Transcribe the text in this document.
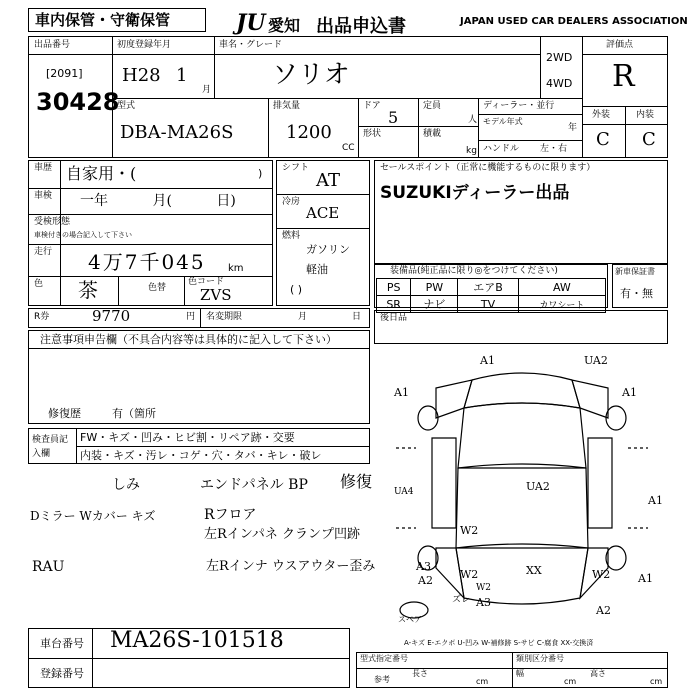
車内保管・守衛保管	JU 愛知 出品申込書	JAPAN USED CAR DEALERS ASSOCIATION
出品番号
[2091]
30428
初度登録年月
H28 1
月
車名・グレード
ソリオ
2WD
4WD
評価点
R
外装	内装
C C
型式
DBA-MA26S
排気量
1200
CC
ドア
5
形状
定員
人
積載
kg
ディーラー・並行
モデル年式
年
ハンドル 左・右
車歴 自家用・(	)
車検 一年 月( 日)
受検形態
車検付きの場合記入して下さい
走行 4万7千045 km
色 茶	色替
色コード
ZVS
R券	9770	円 名変期限	月	日
シフト
AT
冷房
ACE
燃料
ガソリン
軽油
( )
セールスポイント（正常に機能するものに限ります）
SUZUKIディーラー出品
装備品(純正品に限り◎をつけてください)
PS	PW	エアB	AW
SR	ナビ	TV	カワシート
新車保証書
有・無
後日品
注意事項申告欄（不具合内容等は具体的に記入して下さい）
修復歴	有（箇所
検査員記入欄
FW・キズ・凹み・ヒビ割・リペア跡・交要
内装・キズ・汚レ・コゲ・穴・タバ・キレ・破レ
しみ
Dミラー Wカバー キズ
RAU
エンドパネル BP 修復
Rフロア
左Rインパネ クランプ凹跡
左Rインナ ウスアウター歪み
A1	UA2
A1	A1
UA2
UA4
A1
W2
W2	XX	W2	A1
A3
A2
A2
A3
W2
ズレ
スペア
A-キズ E-エクボ U-凹み W-補修跡 S-サビ C-腐食 XX-交換済
車台番号 MA26S-101518
登録番号
型式指定番号	類別区分番号
参考
長さ
cm
幅
cm
高さ
cm
